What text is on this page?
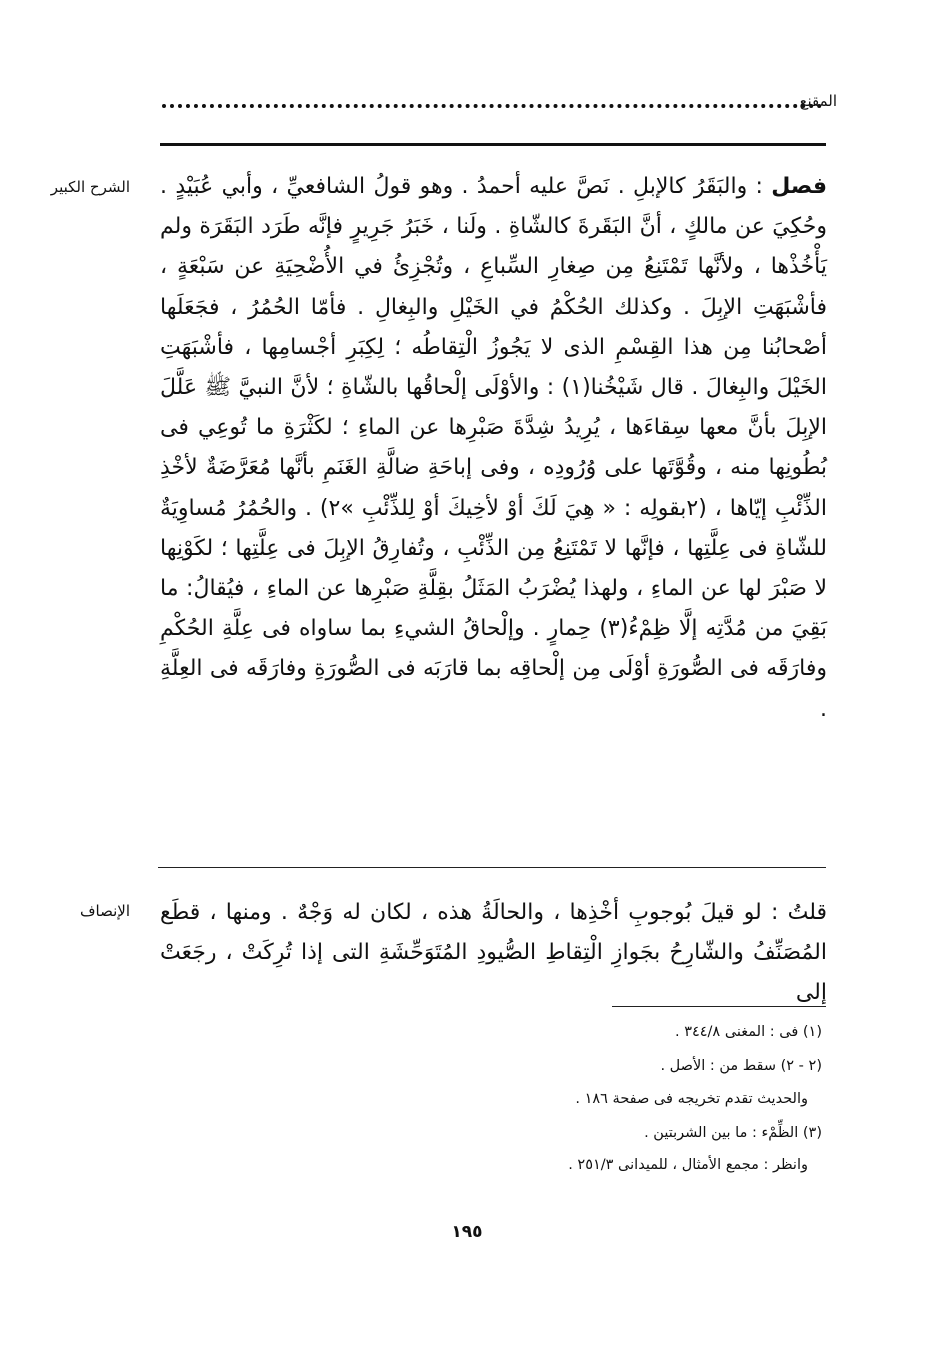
المقنع
الشرح الكبير
الإنصاف

فصل : والبَقَرُ كالإبلِ . نَصَّ عليه أحمدُ . وهو قولُ الشافعيِّ ، وأبي عُبَيْدٍ . وحُكِيَ عن مالكٍ ، أنَّ البَقَرةَ كالشّاةِ . ولَنا ، خَبَرُ جَرِيرٍ فإنَّه طَرَد البَقَرَة ولم يَأْخُذْها ، ولأنَّها تَمْتَنِعُ مِن صِغارِ السِّباعِ ، وتُجْزِئُ في الأُضْحِيَةِ عن سَبْعَةٍ ، فأشْبَهَتِ الإبِلَ . وكذلك الحُكْمُ في الخَيْلِ والبِغالِ . فأمّا الحُمُرُ ، فجَعَلَها أصْحابُنا مِن هذا القِسْمِ الذى لا يَجُوزُ الْتِقاطُه ؛ لِكِبَرِ أجْسامِها ، فأشْبَهَتِ الخَيْلَ والبِغالَ . قال شَيْخُنا(١) : والأوْلَى إلْحاقُها بالشّاةِ ؛ لأنَّ النبيَّ ﷺ عَلَّلَ الإبِلَ بأنَّ معها سِقاءَها ، يُرِيدُ شِدَّةَ صَبْرِها عن الماءِ ؛ لكَثْرَةِ ما تُوعِي فى بُطُونِها منه ، وقُوَّتَها على وُرُودِه ، وفى إباحَةِ ضالَّةِ الغَنَمِ بأنَّها مُعَرَّضَةٌ لأخْذِ الذِّئْبِ إيّاها ، (٢بقولِه : « هِيَ لَكَ أوْ لأخِيكَ أوْ لِلذِّئْبِ »٢) . والحُمُرُ مُساوِيَةٌ للشّاةِ فى عِلَّتِها ، فإنَّها لا تَمْتَنِعُ مِن الذِّئْبِ ، وتُفارِقُ الإبِلَ فى عِلَّتِها ؛ لكَوْنِها لا صَبْرَ لها عن الماءِ ، ولهذا يُضْرَبُ المَثَلُ بقِلَّةِ صَبْرِها عن الماءِ ، فيُقالُ: ما بَقِيَ من مُدَّتِه إلَّا ظِمْءُ(٣) حِمارٍ . وإلْحاقُ الشيءِ بما ساواه فى عِلَّةِ الحُكْمِ وفارَقَه فى الصُّورَةِ أوْلَى مِن إلْحاقِه بما قارَبَه فى الصُّورَةِ وفارَقَه فى العِلَّةِ .

قلتُ : لو قيلَ بُوجوبِ أخْذِها ، والحالَةُ هذه ، لكان له وَجْهٌ . ومنها ، قطَع المُصَنِّفُ والشّارِحُ بجَوازِ الْتِقاطِ الصُّيودِ المُتَوَحِّشَةِ التى إذا تُرِكَتْ ، رجَعَتْ إلى

(١) فى : المغنى ٣٤٤/٨ .
(٢ - ٢) سقط من : الأصل .
والحديث تقدم تخريجه فى صفحة ١٨٦ .
(٣) الظِّمْء : ما بين الشربتين .
وانظر : مجمع الأمثال ، للميدانى ٢٥١/٣ .
١٩٥
